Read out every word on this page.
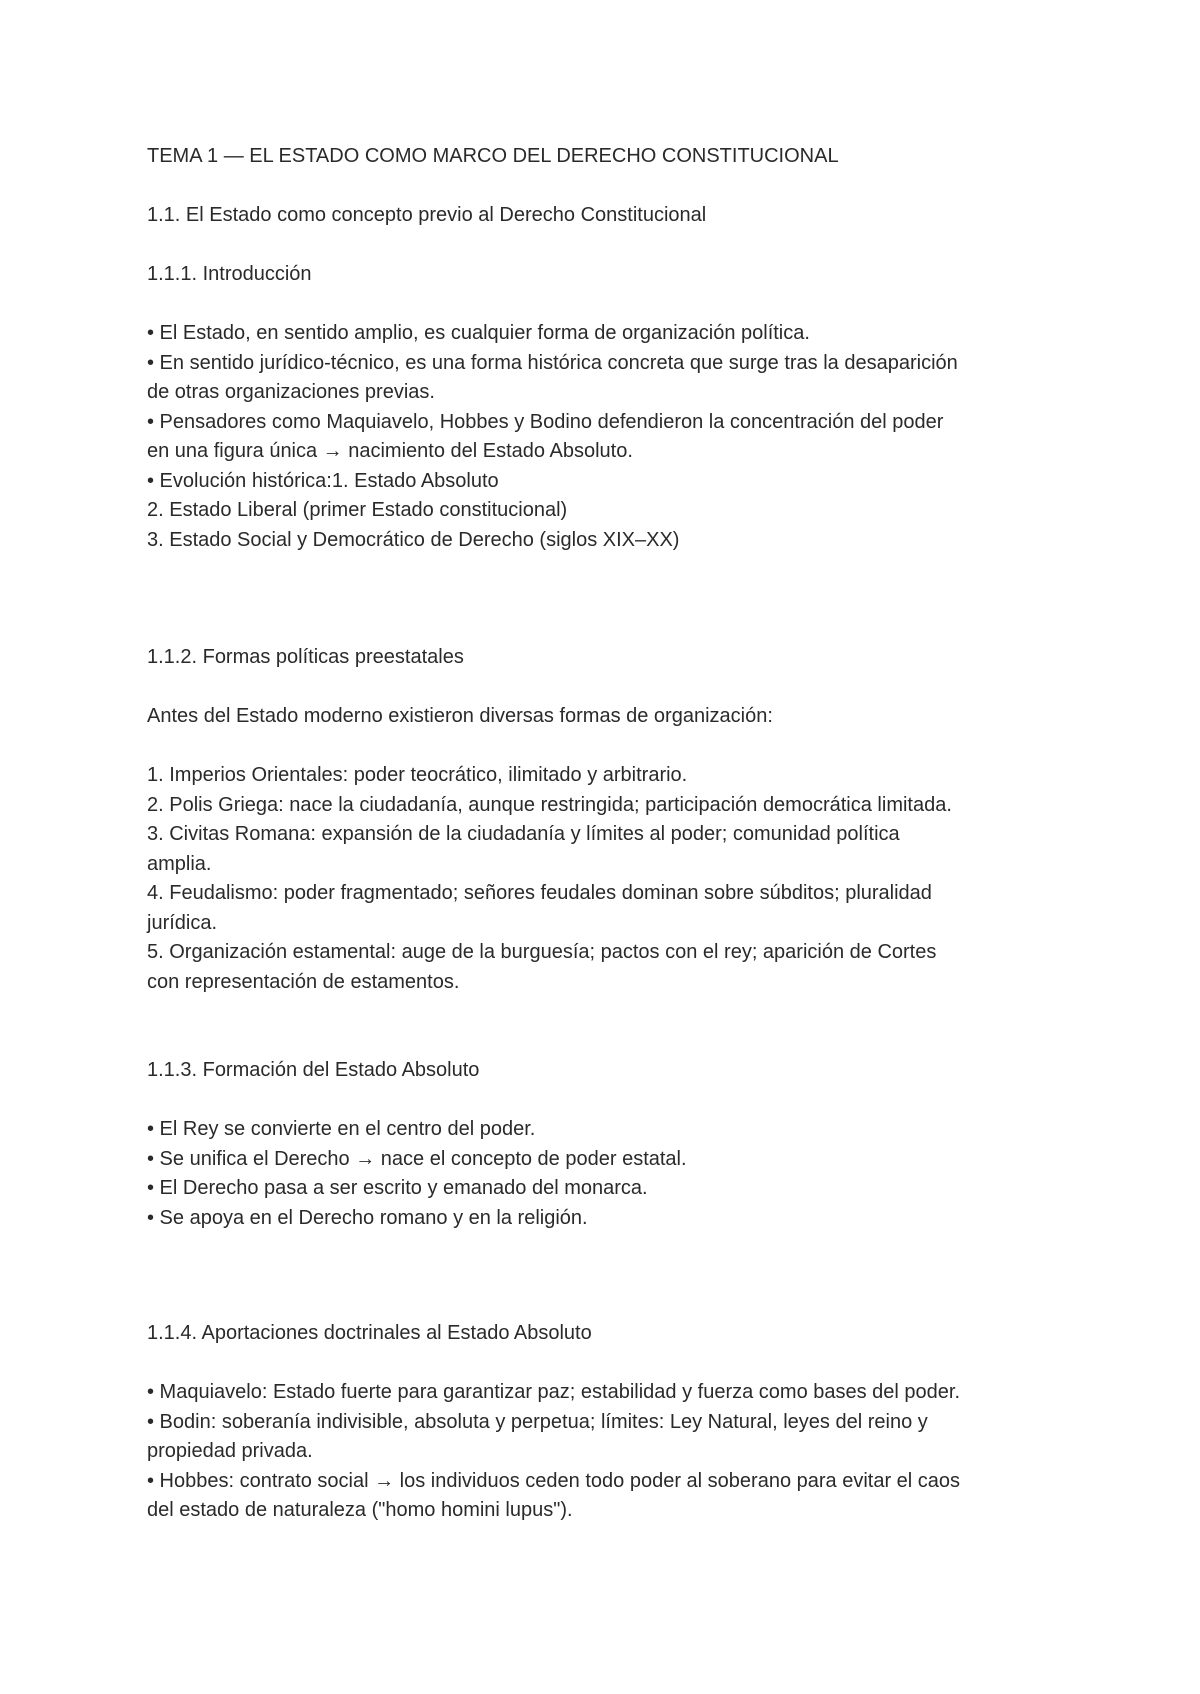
TEMA 1 — EL ESTADO COMO MARCO DEL DERECHO CONSTITUCIONAL

1.1. El Estado como concepto previo al Derecho Constitucional

1.1.1. Introducción

• El Estado, en sentido amplio, es cualquier forma de organización política.

• En sentido jurídico-técnico, es una forma histórica concreta que surge tras la desaparición

de otras organizaciones previas.

• Pensadores como Maquiavelo, Hobbes y Bodino defendieron la concentración del poder

en una figura única → nacimiento del Estado Absoluto.

• Evolución histórica:1. Estado Absoluto

2. Estado Liberal (primer Estado constitucional)

3. Estado Social y Democrático de Derecho (siglos XIX–XX)

1.1.2. Formas políticas preestatales

Antes del Estado moderno existieron diversas formas de organización:

1. Imperios Orientales: poder teocrático, ilimitado y arbitrario.

2. Polis Griega: nace la ciudadanía, aunque restringida; participación democrática limitada.

3. Civitas Romana: expansión de la ciudadanía y límites al poder; comunidad política

amplia.

4. Feudalismo: poder fragmentado; señores feudales dominan sobre súbditos; pluralidad

jurídica.

5. Organización estamental: auge de la burguesía; pactos con el rey; aparición de Cortes

con representación de estamentos.

1.1.3. Formación del Estado Absoluto

• El Rey se convierte en el centro del poder.

• Se unifica el Derecho → nace el concepto de poder estatal.

• El Derecho pasa a ser escrito y emanado del monarca.

• Se apoya en el Derecho romano y en la religión.

1.1.4. Aportaciones doctrinales al Estado Absoluto

• Maquiavelo: Estado fuerte para garantizar paz; estabilidad y fuerza como bases del poder.

• Bodin: soberanía indivisible, absoluta y perpetua; límites: Ley Natural, leyes del reino y

propiedad privada.

• Hobbes: contrato social → los individuos ceden todo poder al soberano para evitar el caos

del estado de naturaleza ("homo homini lupus").
